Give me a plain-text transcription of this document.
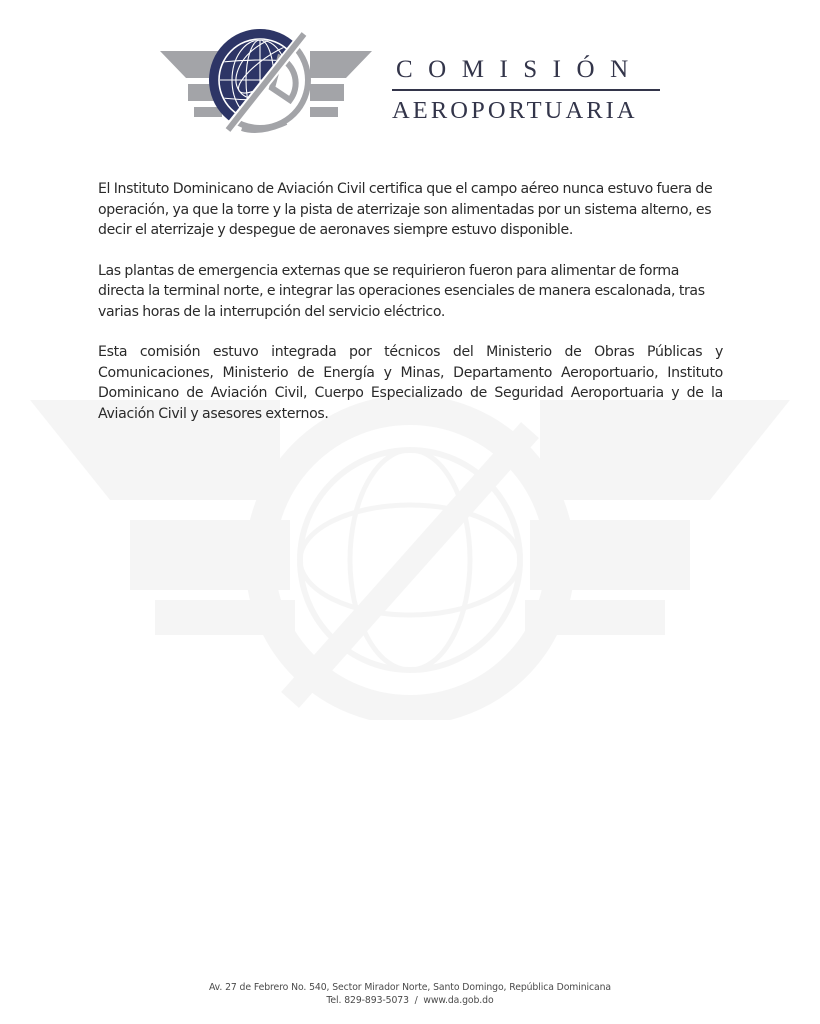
COMISIÓN
AEROPORTUARIA

El Instituto Dominicano de Aviación Civil certifica que el campo aéreo nunca estuvo fuera de operación, ya que la torre y la pista de aterrizaje son alimentadas por un sistema alterno, es decir el aterrizaje y despegue de aeronaves siempre estuvo disponible.

Las plantas de emergencia externas que se requirieron fueron para alimentar de forma directa la terminal norte, e integrar las operaciones esenciales de manera escalonada, tras varias horas de la interrupción del servicio eléctrico.

Esta comisión estuvo integrada por técnicos del Ministerio de Obras Públicas y Comunicaciones, Ministerio de Energía y Minas, Departamento Aeroportuario, Instituto Dominicano de Aviación Civil, Cuerpo Especializado de Seguridad Aeroportuaria y de la Aviación Civil y asesores externos.

Av. 27 de Febrero No. 540, Sector Mirador Norte, Santo Domingo, República Dominicana
Tel. 829-893-5073  /  www.da.gob.do
